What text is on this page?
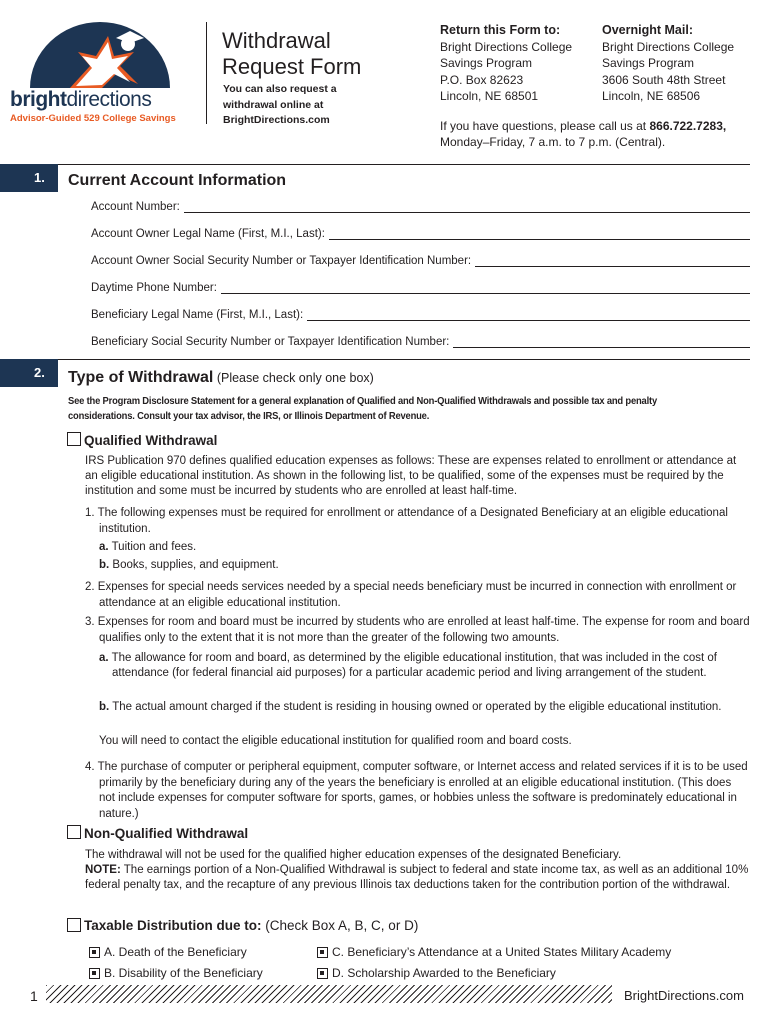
brightdirections
Advisor-Guided 529 College Savings
Withdrawal
Request Form
You can also request a
withdrawal online at
BrightDirections.com
Return this Form to:
Bright Directions College
Savings Program
P.O. Box 82623
Lincoln, NE 68501
Overnight Mail:
Bright Directions College
Savings Program
3606 South 48th Street
Lincoln, NE 68506
If you have questions, please call us at 866.722.7283,
Monday–Friday, 7 a.m. to 7 p.m. (Central).
1.	Current Account Information
Account Number:
Account Owner Legal Name (First, M.I., Last):
Account Owner Social Security Number or Taxpayer Identification Number:
Daytime Phone Number:
Beneficiary Legal Name (First, M.I., Last):
Beneficiary Social Security Number or Taxpayer Identification Number:
2.	Type of Withdrawal (Please check only one box)
See the Program Disclosure Statement for a general explanation of Qualified and Non-Qualified Withdrawals and possible tax and penalty
considerations. Consult your tax advisor, the IRS, or Illinois Department of Revenue.
Qualified Withdrawal
IRS Publication 970 defines qualified education expenses as follows: These are expenses related to enrollment or attendance at an eligible educational institution. As shown in the following list, to be qualified, some of the expenses must be required by the institution and some must be incurred by students who are enrolled at least half-time.
1. The following expenses must be required for enrollment or attendance of a Designated Beneficiary at an eligible educational institution.
a. Tuition and fees.
b. Books, supplies, and equipment.
2. Expenses for special needs services needed by a special needs beneficiary must be incurred in connection with enrollment or attendance at an eligible educational institution.
3. Expenses for room and board must be incurred by students who are enrolled at least half-time. The expense for room and board qualifies only to the extent that it is not more than the greater of the following two amounts.
a. The allowance for room and board, as determined by the eligible educational institution, that was included in the cost of attendance (for federal financial aid purposes) for a particular academic period and living arrangement of the student.
b. The actual amount charged if the student is residing in housing owned or operated by the eligible educational institution.
You will need to contact the eligible educational institution for qualified room and board costs.
4. The purchase of computer or peripheral equipment, computer software, or Internet access and related services if it is to be used primarily by the beneficiary during any of the years the beneficiary is enrolled at an eligible educational institution. (This does not include expenses for computer software for sports, games, or hobbies unless the software is predominately educational in nature.)
Non-Qualified Withdrawal
The withdrawal will not be used for the qualified higher education expenses of the designated Beneficiary.
NOTE: The earnings portion of a Non-Qualified Withdrawal is subject to federal and state income tax, as well as an additional 10% federal penalty tax, and the recapture of any previous Illinois tax deductions taken for the contribution portion of the withdrawal.
Taxable Distribution due to: (Check Box A, B, C, or D)
A. Death of the Beneficiary
B. Disability of the Beneficiary
C. Beneficiary’s Attendance at a United States Military Academy
D. Scholarship Awarded to the Beneficiary
1	BrightDirections.com
